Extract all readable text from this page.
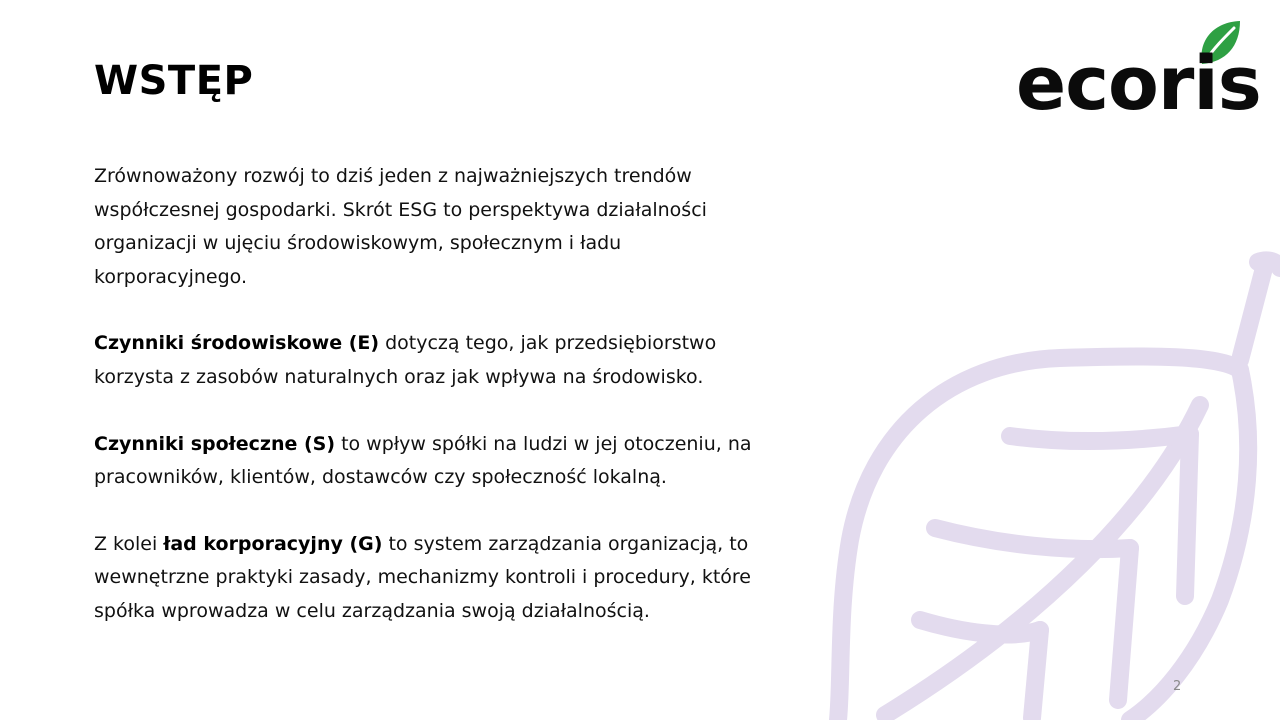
WSTĘP	ecoris

Zrównoważony rozwój to dziś jeden z najważniejszych trendów współczesnej gospodarki. Skrót ESG to perspektywa działalności organizacji w ujęciu środowiskowym, społecznym i ładu korporacyjnego.

Czynniki środowiskowe (E) dotyczą tego, jak przedsiębiorstwo korzysta z zasobów naturalnych oraz jak wpływa na środowisko.

Czynniki społeczne (S) to wpływ spółki na ludzi w jej otoczeniu, na pracowników, klientów, dostawców czy społeczność lokalną.

Z kolei ład korporacyjny (G) to system zarządzania organizacją, to wewnętrzne praktyki zasady, mechanizmy kontroli i procedury, które spółka wprowadza w celu zarządzania swoją działalnością.

2
